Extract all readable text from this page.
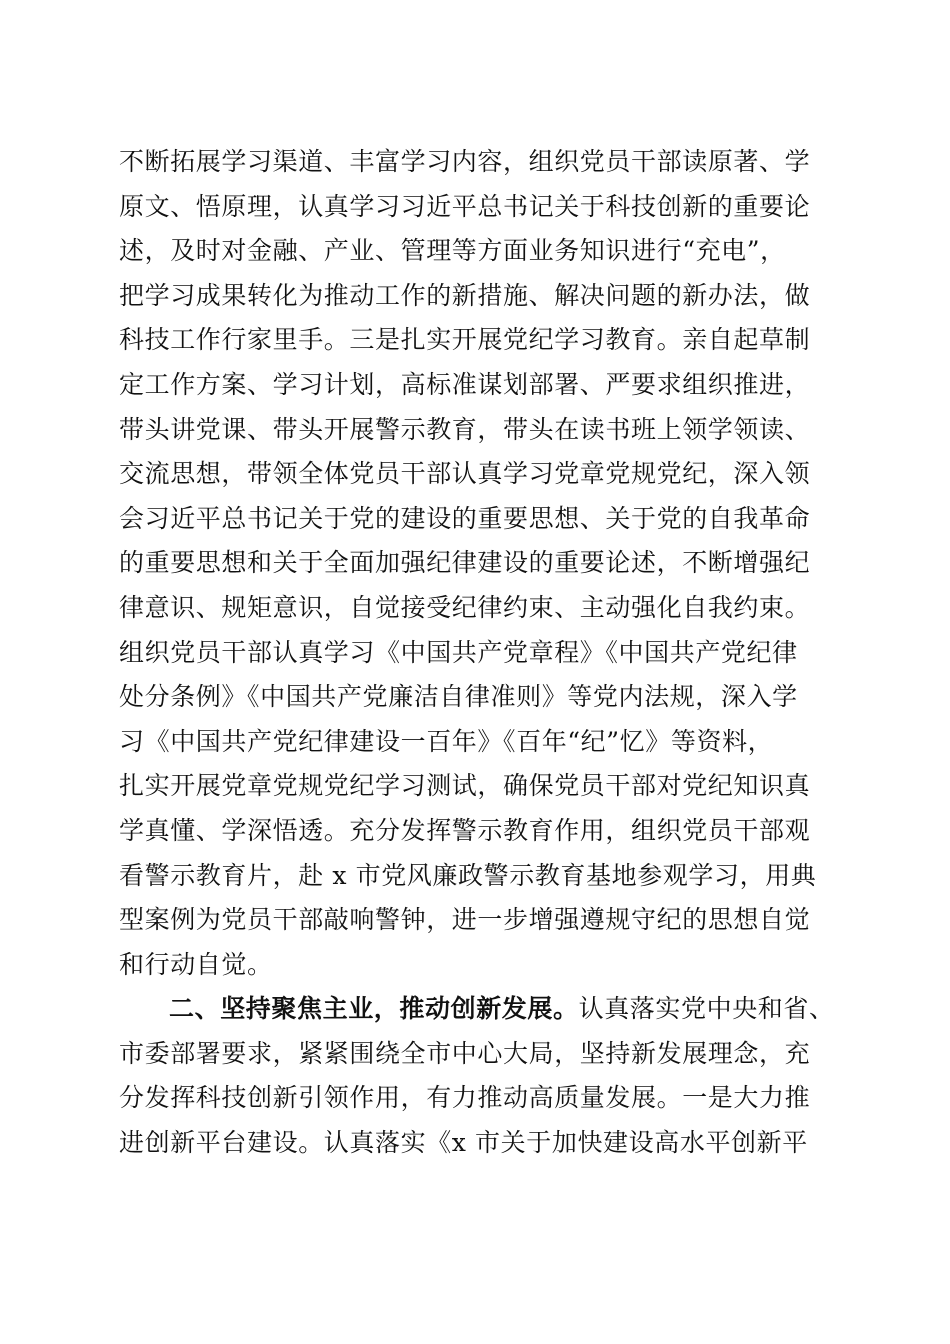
不断拓展学习渠道、丰富学习内容，组织党员干部读原著、学
原文、悟原理，认真学习习近平总书记关于科技创新的重要论
述，及时对金融、产业、管理等方面业务知识进行“充电”，
把学习成果转化为推动工作的新措施、解决问题的新办法，做
科技工作行家里手。三是扎实开展党纪学习教育。亲自起草制
定工作方案、学习计划，高标准谋划部署、严要求组织推进，
带头讲党课、带头开展警示教育，带头在读书班上领学领读、
交流思想，带领全体党员干部认真学习党章党规党纪，深入领
会习近平总书记关于党的建设的重要思想、关于党的自我革命
的重要思想和关于全面加强纪律建设的重要论述，不断增强纪
律意识、规矩意识，自觉接受纪律约束、主动强化自我约束。
组织党员干部认真学习《中国共产党章程》《中国共产党纪律
处分条例》《中国共产党廉洁自律准则》等党内法规，深入学
习《中国共产党纪律建设一百年》《百年“纪”忆》等资料，
扎实开展党章党规党纪学习测试，确保党员干部对党纪知识真
学真懂、学深悟透。充分发挥警示教育作用，组织党员干部观
看警示教育片，赴 x 市党风廉政警示教育基地参观学习，用典
型案例为党员干部敲响警钟，进一步增强遵规守纪的思想自觉
和行动自觉。
二、坚持聚焦主业，推动创新发展。认真落实党中央和省、
市委部署要求，紧紧围绕全市中心大局，坚持新发展理念，充
分发挥科技创新引领作用，有力推动高质量发展。一是大力推
进创新平台建设。认真落实《x 市关于加快建设高水平创新平
